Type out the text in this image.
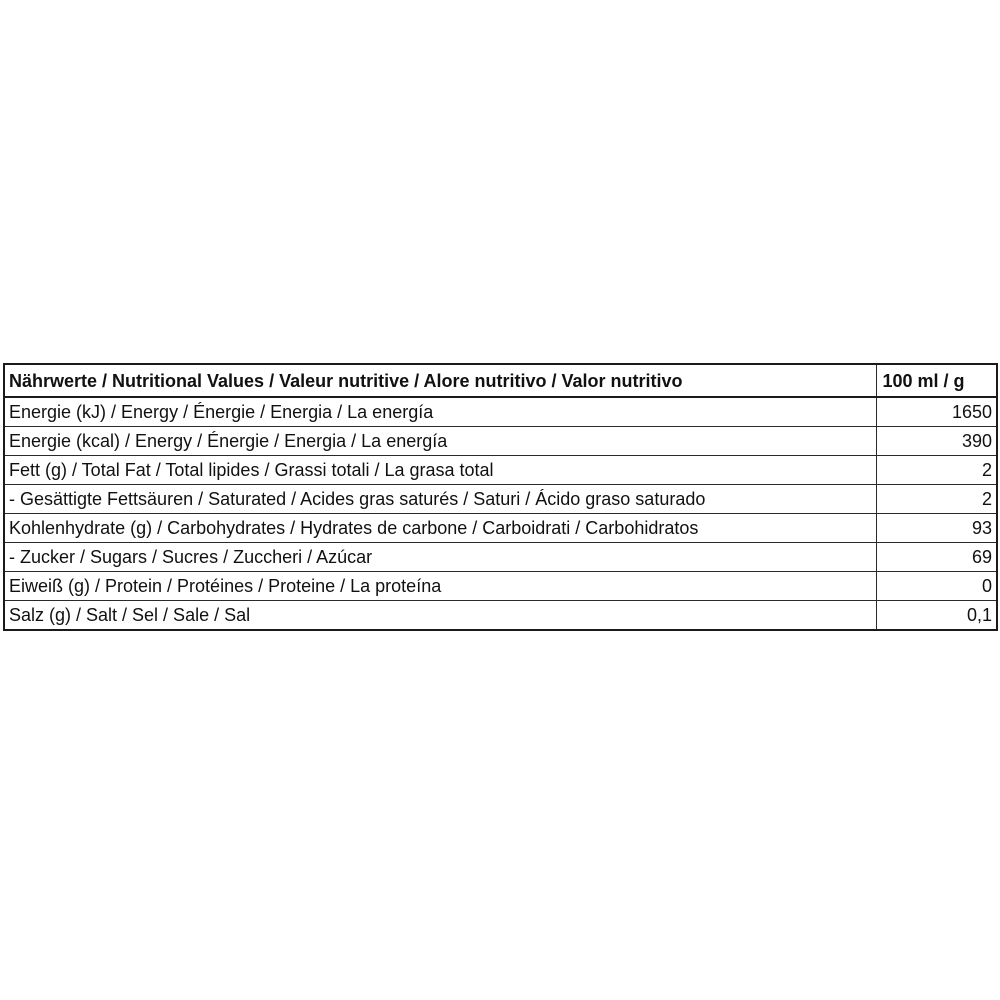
Nährwerte / Nutritional Values / Valeur nutritive / Alore nutritivo / Valor nutritivo	100 ml / g
Energie (kJ) / Energy / Énergie / Energia / La energía	1650
Energie (kcal) / Energy / Énergie / Energia / La energía	390
Fett (g) / Total Fat / Total lipides / Grassi totali / La grasa total	2
- Gesättigte Fettsäuren / Saturated / Acides gras saturés / Saturi / Ácido graso saturado	2
Kohlenhydrate (g) / Carbohydrates / Hydrates de carbone / Carboidrati / Carbohidratos	93
- Zucker / Sugars / Sucres / Zuccheri / Azúcar	69
Eiweiß (g) / Protein / Protéines / Proteine / La proteína	0
Salz (g) / Salt / Sel / Sale / Sal	0,1
